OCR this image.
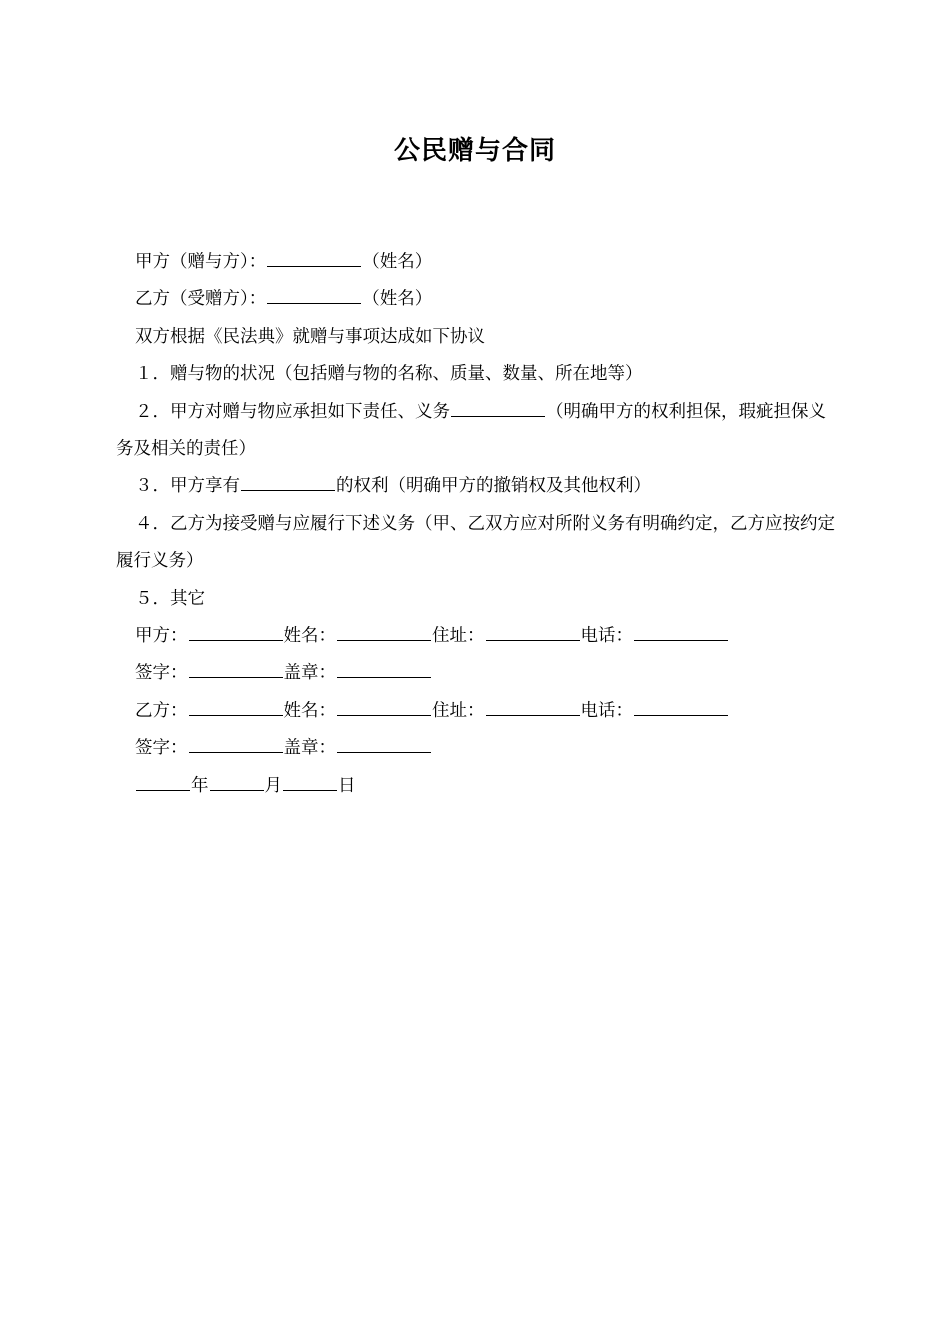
公民赠与合同
甲方（赠与方）：	（姓名）
乙方（受赠方）：	（姓名）
双方根据《民法典》就赠与事项达成如下协议
１．赠与物的状况（包括赠与物的名称、质量、数量、所在地等）
２．甲方对赠与物应承担如下责任、义务	（明确甲方的权利担保，瑕疵担保义务及相关的责任）
３．甲方享有	的权利（明确甲方的撤销权及其他权利）
４．乙方为接受赠与应履行下述义务（甲、乙双方应对所附义务有明确约定，乙方应按约定履行义务）
５．其它
甲方：	姓名：	住址：	电话：
签字：	盖章：
乙方：	姓名：	住址：	电话：
签字：	盖章：
年	月	日
